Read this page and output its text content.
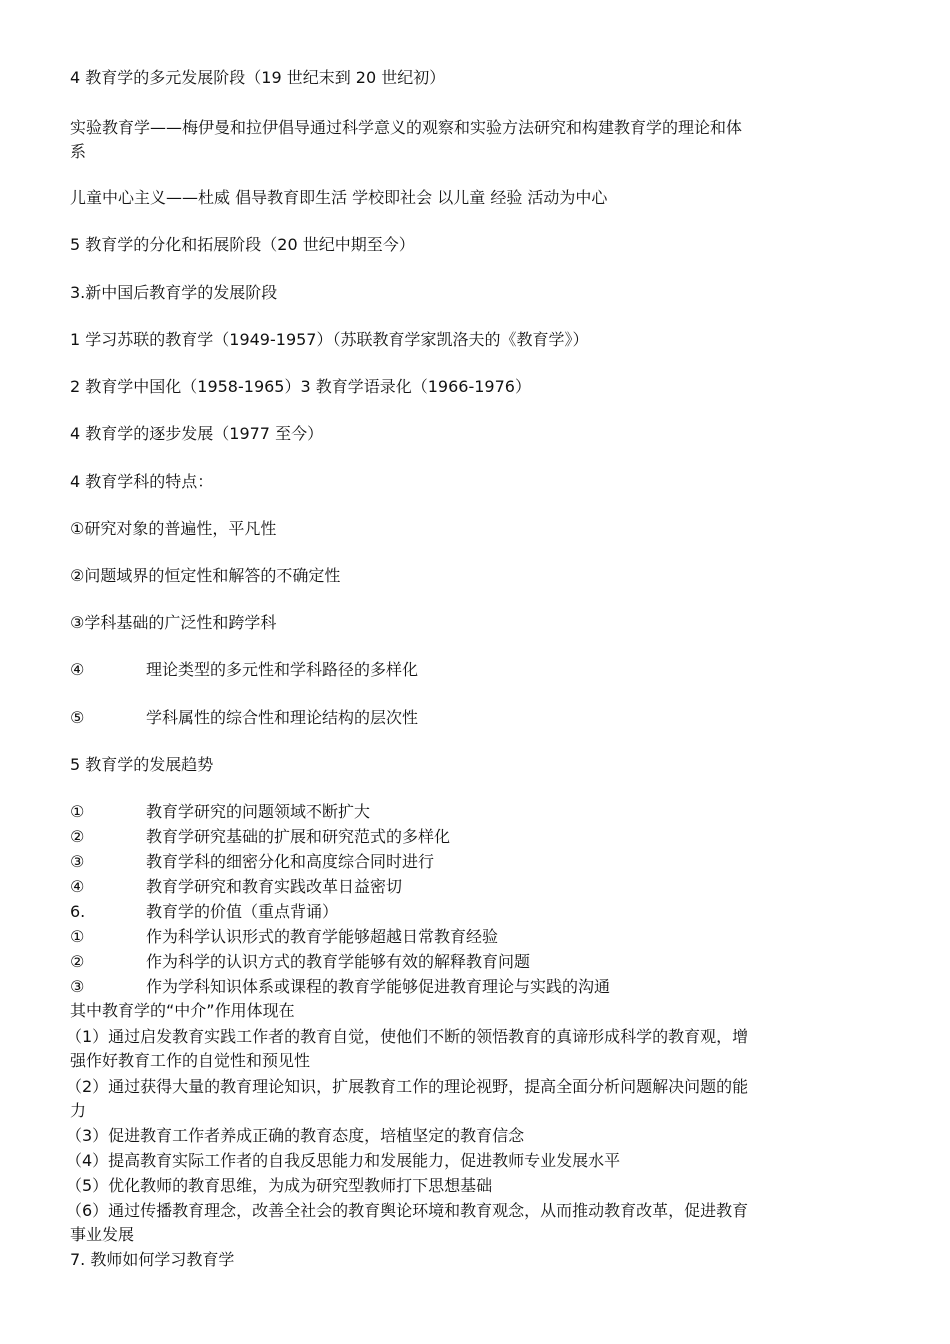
4 教育学的多元发展阶段（19 世纪末到 20 世纪初）
实验教育学——梅伊曼和拉伊倡导通过科学意义的观察和实验方法研究和构建教育学的理论和体
系
儿童中心主义——杜威 倡导教育即生活 学校即社会 以儿童 经验 活动为中心
5 教育学的分化和拓展阶段（20 世纪中期至今）
3.新中国后教育学的发展阶段
1 学习苏联的教育学（1949-1957）（苏联教育学家凯洛夫的《教育学》）
2 教育学中国化（1958-1965）3 教育学语录化（1966-1976）
4 教育学的逐步发展（1977 至今）
4 教育学科的特点：
①研究对象的普遍性，平凡性
②问题域界的恒定性和解答的不确定性
③学科基础的广泛性和跨学科
④	理论类型的多元性和学科路径的多样化
⑤	学科属性的综合性和理论结构的层次性
5 教育学的发展趋势
①	教育学研究的问题领域不断扩大
②	教育学研究基础的扩展和研究范式的多样化
③	教育学科的细密分化和高度综合同时进行
④	教育学研究和教育实践改革日益密切
6.	教育学的价值（重点背诵）
①	作为科学认识形式的教育学能够超越日常教育经验
②	作为科学的认识方式的教育学能够有效的解释教育问题
③	作为学科知识体系或课程的教育学能够促进教育理论与实践的沟通
其中教育学的“中介”作用体现在
（1）通过启发教育实践工作者的教育自觉，使他们不断的领悟教育的真谛形成科学的教育观，增
强作好教育工作的自觉性和预见性
（2）通过获得大量的教育理论知识，扩展教育工作的理论视野，提高全面分析问题解决问题的能
力
（3）促进教育工作者养成正确的教育态度，培植坚定的教育信念
（4）提高教育实际工作者的自我反思能力和发展能力，促进教师专业发展水平
（5）优化教师的教育思维，为成为研究型教师打下思想基础
（6）通过传播教育理念，改善全社会的教育舆论环境和教育观念，从而推动教育改革，促进教育
事业发展
7. 教师如何学习教育学
